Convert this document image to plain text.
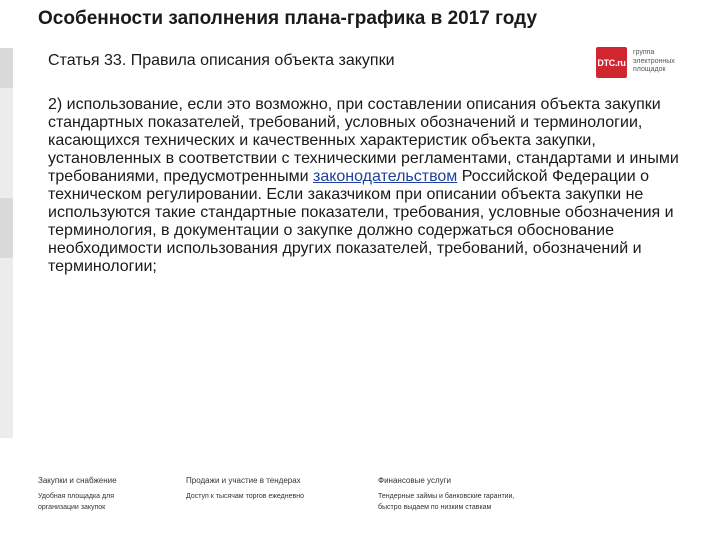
Особенности заполнения плана-графика в 2017 году
Статья 33. Правила описания объекта закупки	DTC.ru
группа
электронных
площадок
2) использование, если это возможно, при составлении описания объекта закупки стандартных показателей, требований, условных обозначений и терминологии, касающихся технических и качественных характеристик объекта закупки, установленных в соответствии с техническими регламентами, стандартами и иными требованиями, предусмотренными законодательством Российской Федерации о техническом регулировании. Если заказчиком при описании объекта закупки не используются такие стандартные показатели, требования, условные обозначения и терминология, в документации о закупке должно содержаться обоснование необходимости использования других показателей, требований, обозначений и терминологии;
Закупки и снабжение
Удобная площадка для
организации закупок
Продажи и участие в тендерах
Доступ к тысячам торгов ежедневно
Финансовые услуги
Тендерные займы и банковские гарантии,
быстро выдаем по низким ставкам
